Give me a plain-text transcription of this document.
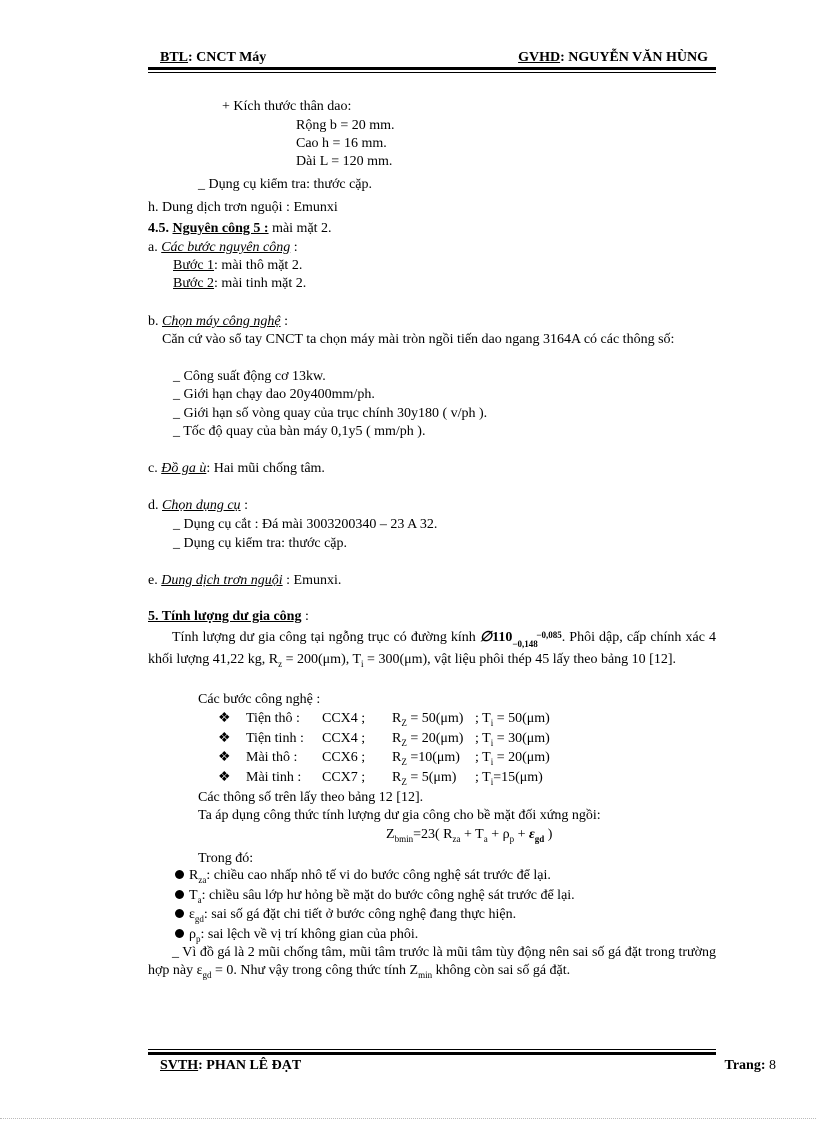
BTL: CNCT Máy	GVHD: NGUYỄN VĂN HÙNG
+ Kích thước thân dao:
Rộng b = 20 mm.
Cao h = 16 mm.
Dài L = 120 mm.
_ Dụng cụ kiểm tra: thước cặp.
h. Dung dịch trơn nguội : Emunxi
4.5. Nguyên công 5 : mài mặt 2.
a. Các bước nguyên công :
Bước 1: mài thô mặt 2.
Bước 2: mài tinh mặt 2.
b. Chọn máy công nghệ :
Căn cứ vào sổ tay CNCT ta chọn máy mài tròn ngồi tiến dao ngang 3164A có các thông số:
_ Công suất động cơ 13kw.
_ Giới hạn chạy dao 20y400mm/ph.
_ Giới hạn số vòng quay của trục chính 30y180 ( v/ph ).
_ Tốc độ quay của bàn máy 0,1y5 ( mm/ph ).
c. Đồ ga ù: Hai mũi chống tâm.
d. Chọn dụng cụ :
_ Dụng cụ cắt : Đá mài 3003200340 – 23 A 32.
_ Dụng cụ kiểm tra: thước cặp.
e. Dung dịch trơn nguội : Emunxi.
5. Tính lượng dư gia công :
Tính lượng dư gia công tại ngỗng trục có đường kính ∅110	−0,085
−0,148 . Phôi dập, cấp chính xác 4 khối lượng 41,22 kg, $R_z = 200(\mu m)$, $T_i = 300(\mu m)$, vật liệu phôi thép 45 lấy theo bảng 10 [12].
Các bước công nghệ :
❖ Tiện thô : CCX4 ; $R_Z = 50(\mu m)$ ; $T_i = 50(\mu m)$
❖ Tiện tinh : CCX4 ; $R_Z = 20(\mu m)$ ; $T_i = 30(\mu m)$
❖ Mài thô : CCX6 ; $R_Z =10(\mu m)$ ; $T_i = 20(\mu m)$
❖ Mài tinh : CCX7 ; $R_Z = 5(\mu m)$ ; $T_i=15(\mu m)$
Các thông số trên lấy theo bảng 12 [12].
Ta áp dụng công thức tính lượng dư gia công cho bề mặt đối xứng ngồi:
$Z_{bmin}=23$( $R_{za} + T_a + \rho_p + \varepsilon_{gd}$ )
Trong đó:
$R_{za}$: chiều cao nhấp nhô tế vi do bước công nghệ sát trước để lại.
$T_a$: chiều sâu lớp hư hỏng bề mặt do bước công nghệ sát trước để lại.
$\varepsilon_{gd}$: sai số gá đặt chi tiết ở bước công nghệ đang thực hiện.
$\rho_p$: sai lệch về vị trí không gian của phôi.
_ Vì đồ gá là 2 mũi chống tâm, mũi tâm trước là mũi tâm tùy động nên sai số gá đặt trong trường hợp này $\varepsilon_{gd} = 0$. Như vậy trong công thức tính $Z_{min}$ không còn sai số gá đặt.
SVTH: PHAN LÊ ĐẠT	Trang: 8
